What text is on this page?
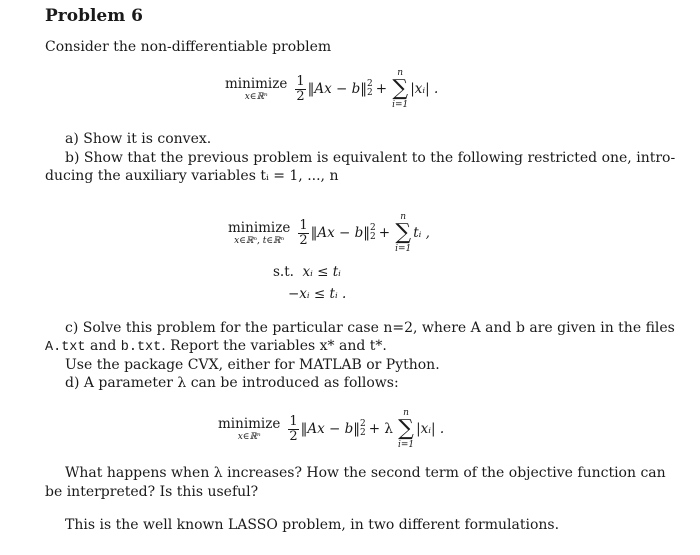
Problem 6
Consider the non-differentiable problem
minimize
x∈ℝⁿ $\frac{1}{2}$ ‖Ax − b‖ 2
2 +
n
∑
i=1
|xᵢ| .
a) Show it is convex.
b) Show that the previous problem is equivalent to the following restricted one, intro-
ducing the auxiliary variables tᵢ = 1, ..., n
minimize
x∈ℝⁿ, t∈ℝⁿ $\frac{1}{2}$ ‖Ax − b‖ 2
2 +
n
∑
i=1
tᵢ ,
s.t. xᵢ ≤ tᵢ
−xᵢ ≤ tᵢ .
c) Solve this problem for the particular case n=2, where A and b are given in the files
A.txt and b.txt. Report the variables x* and t*.
Use the package CVX, either for MATLAB or Python.
d) A parameter λ can be introduced as follows:
minimize
x∈ℝⁿ $\frac{1}{2}$ ‖Ax − b‖ 2
2 + λ
n
∑
i=1
|xᵢ| .
What happens when λ increases? How the second term of the objective function can
be interpreted? Is this useful?
This is the well known LASSO problem, in two different formulations.
